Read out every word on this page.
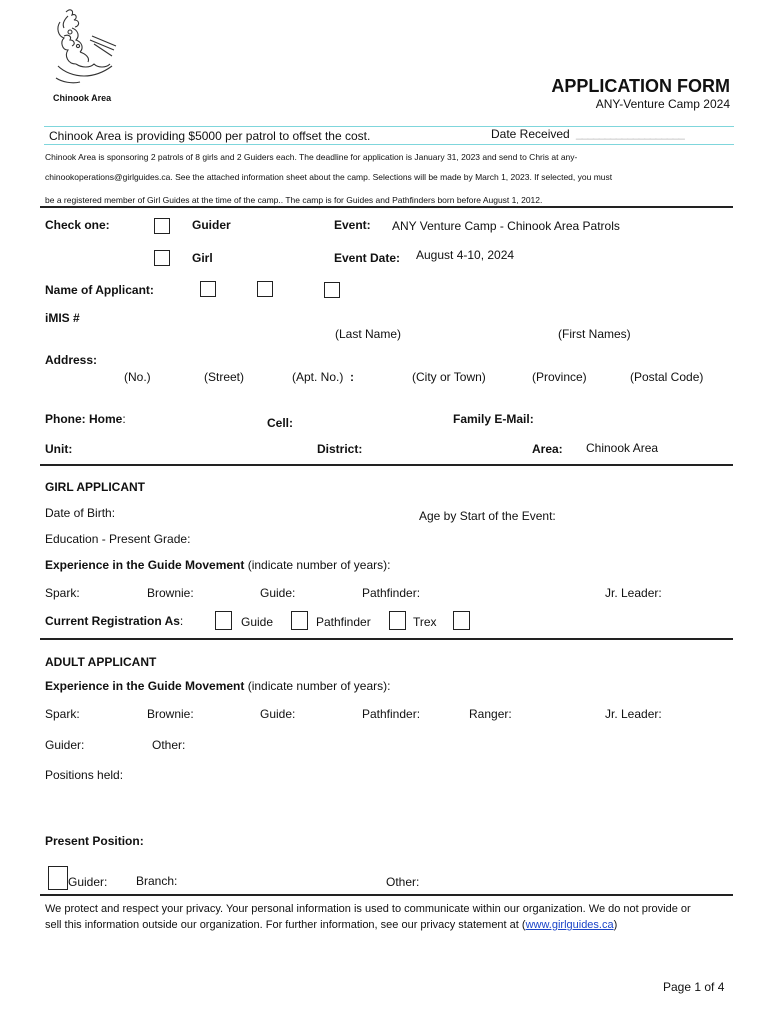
Chinook Area
APPLICATION FORM
ANY-Venture Camp 2024
Chinook Area is providing $5000 per patrol to offset the cost.	Date Received ___________________
Chinook Area is sponsoring 2 patrols of 8 girls and 2 Guiders each. The deadline for application is January 31, 2023 and send to Chris at any-
chinookoperations@girlguides.ca. See the attached information sheet about the camp. Selections will be made by March 1, 2023. If selected, you must
be a registered member of Girl Guides at the time of the camp.. The camp is for Guides and Pathfinders born before August 1, 2012.
Check one:	Guider	Event: ANY Venture Camp - Chinook Area Patrols
Girl	Event Date: August 4-10, 2024
Name of Applicant:
iMIS #
(Last Name)	(First Names)
Address:
(No.)	(Street)	(Apt. No.) :	(City or Town)	(Province)	(Postal Code)
Phone: Home:	Cell:	Family E-Mail:
Unit:	District:	Area: Chinook Area
GIRL APPLICANT
Date of Birth:	Age by Start of the Event:
Education - Present Grade:
Experience in the Guide Movement (indicate number of years):
Spark:	Brownie:	Guide:	Pathfinder:	Jr. Leader:
Current Registration As:	Guide	Pathfinder	Trex
ADULT APPLICANT
Experience in the Guide Movement (indicate number of years):
Spark:	Brownie:	Guide:	Pathfinder:	Ranger:	Jr. Leader:
Guider:	Other:
Positions held:
Present Position:
Guider: Branch:	Other:
We protect and respect your privacy. Your personal information is used to communicate within our organization. We do not provide or
sell this information outside our organization. For further information, see our privacy statement at (www.girlguides.ca)
Page 1 of 4
